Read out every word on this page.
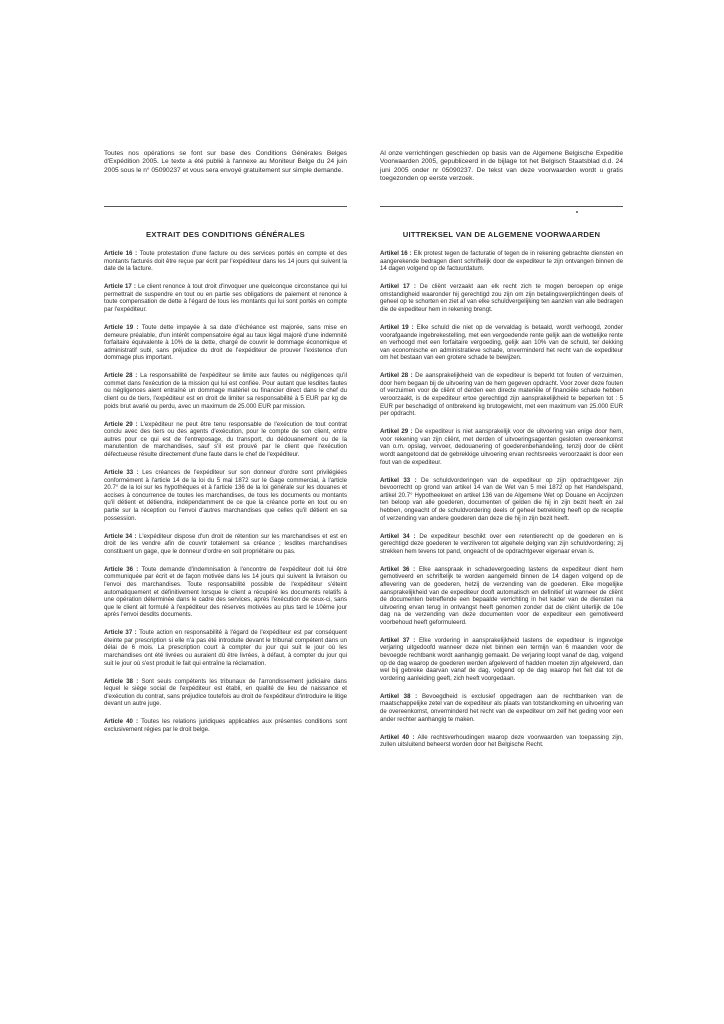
Toutes nos opérations se font sur base des Conditions Générales Belges d'Expédition 2005. Le texte a été publié à l'annexe au Moniteur Belge du 24 juin 2005 sous le n° 05090237 et vous sera envoyé gratuitement sur simple demande.

EXTRAIT DES CONDITIONS GÉNÉRALES

Article 16 : Toute protestation d'une facture ou des services portés en compte et des montants facturés doit être reçue par écrit par l'expéditeur dans les 14 jours qui suivent la date de la facture.

Article 17 : Le client renonce à tout droit d'invoquer une quelconque circonstance qui lui permettrait de suspendre en tout ou en partie ses obligations de paiement et renonce à toute compensation de dette à l'égard de tous les montants qui lui sont portés en compte par l'expéditeur.

Article 19 : Toute dette impayée à sa date d'échéance est majorée, sans mise en demeure préalable, d'un intérêt compensatoire égal au taux légal majoré d'une indemnité forfaitaire équivalente à 10% de la dette, chargé de couvrir le dommage économique et administratif subi, sans préjudice du droit de l'expéditeur de prouver l'existence d'un dommage plus important.

Article 28 : La responsabilité de l'expéditeur se limite aux fautes ou négligences qu'il commet dans l'exécution de la mission qui lui est confiée. Pour autant que lesdites fautes ou négligences aient entraîné un dommage matériel ou financier direct dans le chef du client ou de tiers, l'expéditeur est en droit de limiter sa responsabilité à 5 EUR par kg de poids brut avarié ou perdu, avec un maximum de 25.000 EUR par mission.

Article 29 : L'expéditeur ne peut être tenu responsable de l'exécution de tout contrat conclu avec des tiers ou des agents d'exécution, pour le compte de son client, entre autres pour ce qui est de l'entreposage, du transport, du dédouanement ou de la manutention de marchandises, sauf s'il est prouvé par le client que l'exécution défectueuse résulte directement d'une faute dans le chef de l'expéditeur.

Article 33 : Les créances de l'expéditeur sur son donneur d'ordre sont privilégiées conformément à l'article 14 de la loi du 5 mai 1872 sur le Gage commercial, à l'article 20.7° de la loi sur les hypothèques et à l'article 136 de la loi générale sur les douanes et accises à concurrence de toutes les marchandises, de tous les documents ou montants qu'il détient et détiendra, indépendamment de ce que la créance porte en tout ou en partie sur la réception ou l'envoi d'autres marchandises que celles qu'il détient en sa possession.

Article 34 : L'expéditeur dispose d'un droit de rétention sur les marchandises et est en droit de les vendre afin de couvrir totalement sa créance ; lesdites marchandises constituent un gage, que le donneur d'ordre en soit propriétaire ou pas.

Article 36 : Toute demande d'indemnisation à l'encontre de l'expéditeur doit lui être communiquée par écrit et de façon motivée dans les 14 jours qui suivent la livraison ou l'envoi des marchandises. Toute responsabilité possible de l'expéditeur s'éteint automatiquement et définitivement lorsque le client a récupéré les documents relatifs à une opération déterminée dans le cadre des services, après l'exécution de ceux-ci, sans que le client ait formulé à l'expéditeur des réserves motivées au plus tard le 10ème jour après l'envoi desdits documents.

Article 37 : Toute action en responsabilité à l'égard de l'expéditeur est par conséquent éteinte par prescription si elle n'a pas été introduite devant le tribunal compétent dans un délai de 6 mois. La prescription court à compter du jour qui suit le jour où les marchandises ont été livrées ou auraient dû être livrées, à défaut, à compter du jour qui suit le jour où s'est produit le fait qui entraîne la réclamation.

Article 38 : Sont seuls compétents les tribunaux de l'arrondissement judiciaire dans lequel le siège social de l'expéditeur est établi, en qualité de lieu de naissance et d'exécution du contrat, sans préjudice toutefois au droit de l'expéditeur d'introduire le litige devant un autre juge.

Article 40 : Toutes les relations juridiques applicables aux présentes conditions sont exclusivement régies par le droit belge.

Al onze verrichtingen geschieden op basis van de Algemene Belgische Expeditie Voorwaarden 2005, gepubliceerd in de bijlage tot het Belgisch Staatsblad d.d. 24 juni 2005 onder nr 05090237. De tekst van deze voorwaarden wordt u gratis toegezonden op eerste verzoek.

UITTREKSEL VAN DE ALGEMENE VOORWAARDEN

Artikel 16 : Elk protest tegen de facturatie of tegen de in rekening gebrachte diensten en aangerekende bedragen dient schriftelijk door de expediteur te zijn ontvangen binnen de 14 dagen volgend op de factuurdatum.

Artikel 17 : De cliënt verzaakt aan elk recht zich te mogen beroepen op enige omstandigheid waaronder hij gerechtigd zou zijn om zijn betalingsverplichtingen deels of geheel op te schorten en ziet af van elke schuldvergelijking ten aanzien van alle bedragen die de expediteur hem in rekening brengt.

Artikel 19 : Elke schuld die niet op de vervaldag is betaald, wordt verhoogd, zonder voorafgaande ingebrekestelling, met een vergoedende rente gelijk aan de wettelijke rente en verhoogd met een forfaitaire vergoeding, gelijk aan 10% van de schuld, ter dekking van economische en administratieve schade, onverminderd het recht van de expediteur om het bestaan van een grotere schade te bewijzen.

Artikel 28 : De aansprakelijkheid van de expediteur is beperkt tot fouten of verzuimen, door hem begaan bij de uitvoering van de hem gegeven opdracht. Voor zover deze fouten of verzuimen voor de cliënt of derden een directe materiële of financiële schade hebben veroorzaakt, is de expediteur ertoe gerechtigd zijn aansprakelijkheid te beperken tot : 5 EUR per beschadigd of ontbrekend kg brutogewicht, met een maximum van 25.000 EUR per opdracht.

Artikel 29 : De expediteur is niet aansprakelijk voor de uitvoering van enige door hem, voor rekening van zijn cliënt, met derden of uitvoeringsagenten gesloten overeenkomst van o.m. opslag, vervoer, dedouanering of goederenbehandeling, tenzij door de cliënt wordt aangetoond dat de gebrekkige uitvoering ervan rechtsreeks veroorzaakt is door een fout van de expediteur.

Artikel 33 : De schuldvorderingen van de expediteur op zijn opdrachtgever zijn bevoorrecht op grond van artikel 14 van de Wet van 5 mei 1872 op het Handelspand, artikel 20.7° Hypotheekwet en artikel 136 van de Algemene Wet op Douane en Accijnzen ten beloop van alle goederen, documenten of gelden die hij in zijn bezit heeft en zal hebben, ongeacht of de schuldvordering deels of geheel betrekking heeft op de receptie of verzending van andere goederen dan deze die hij in zijn bezit heeft.

Artikel 34 : De expediteur beschikt over een retentierecht op de goederen en is gerechtigd deze goederen te verzilveren tot algehele delging van zijn schuldvordering; zij strekken hem tevens tot pand, ongeacht of de opdrachtgever eigenaar ervan is.

Artikel 36 : Elke aanspraak in schadevergoeding lastens de expediteur dient hem gemotiveerd en schriftelijk te worden aangemeld binnen de 14 dagen volgend op de aflevering van de goederen, hetzij de verzending van de goederen. Elke mogelijke aansprakelijkheid van de expediteur dooft automatisch en definitief uit wanneer de cliënt de documenten betreffende een bepaalde verrichting in het kader van de diensten na uitvoering ervan terug in ontvangst heeft genomen zonder dat de cliënt uiterlijk de 10e dag na de verzending van deze documenten voor de expediteur een gemotiveerd voorbehoud heeft geformuleerd.

Artikel 37 : Elke vordering in aansprakelijkheid lastens de expediteur is ingevolge verjaring uitgedoofd wanneer deze niet binnen een termijn van 6 maanden voor de bevoegde rechtbank wordt aanhangig gemaakt. De verjaring loopt vanaf de dag, volgend op de dag waarop de goederen werden afgeleverd of hadden moeten zijn afgeleverd, dan wel bij gebreke daarvan vanaf de dag, volgend op de dag waarop het feit dat tot de vordering aanleiding geeft, zich heeft voorgedaan.

Artikel 38 : Bevoegdheid is exclusief opgedragen aan de rechtbanken van de maatschappelijke zetel van de expediteur als plaats van totstandkoming en uitvoering van de overeenkomst, onverminderd het recht van de expediteur om zelf het geding voor een ander rechter aanhangig te maken.

Artikel 40 : Alle rechtsverhoudingen waarop deze voorwaarden van toepassing zijn, zullen uitsluitend beheerst worden door het Belgische Recht.
